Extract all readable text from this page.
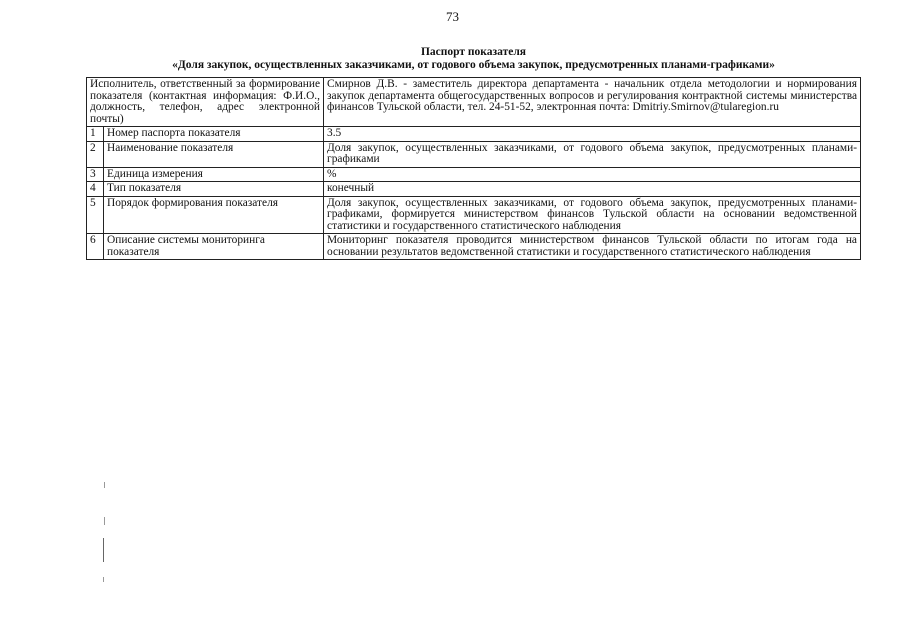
73
Паспорт показателя
«Доля закупок, осуществленных заказчиками, от годового объема закупок, предусмотренных планами-графиками»
Исполнитель, ответственный за формирование показателя (контактная информация: Ф.И.О., должность, телефон, адрес электронной почты)		Смирнов Д.В. - заместитель директора департамента - начальник отдела методологии и нормирования закупок департамента общегосударственных вопросов и регулирования контрактной системы министерства финансов Тульской области, тел. 24-51-52, электронная почта: Dmitriy.Smirnov@tularegion.ru
1	Номер паспорта показателя	3.5
2	Наименование показателя	Доля закупок, осуществленных заказчиками, от годового объема закупок, предусмотренных планами-графиками
3	Единица измерения	%
4	Тип показателя	конечный
5	Порядок формирования показателя	Доля закупок, осуществленных заказчиками, от годового объема закупок, предусмотренных планами-графиками, формируется министерством финансов Тульской области на основании ведомственной статистики и государственного статистического наблюдения
6	Описание системы мониторинга показателя	Мониторинг показателя проводится министерством финансов Тульской области по итогам года на основании результатов ведомственной статистики и государственного статистического наблюдения
